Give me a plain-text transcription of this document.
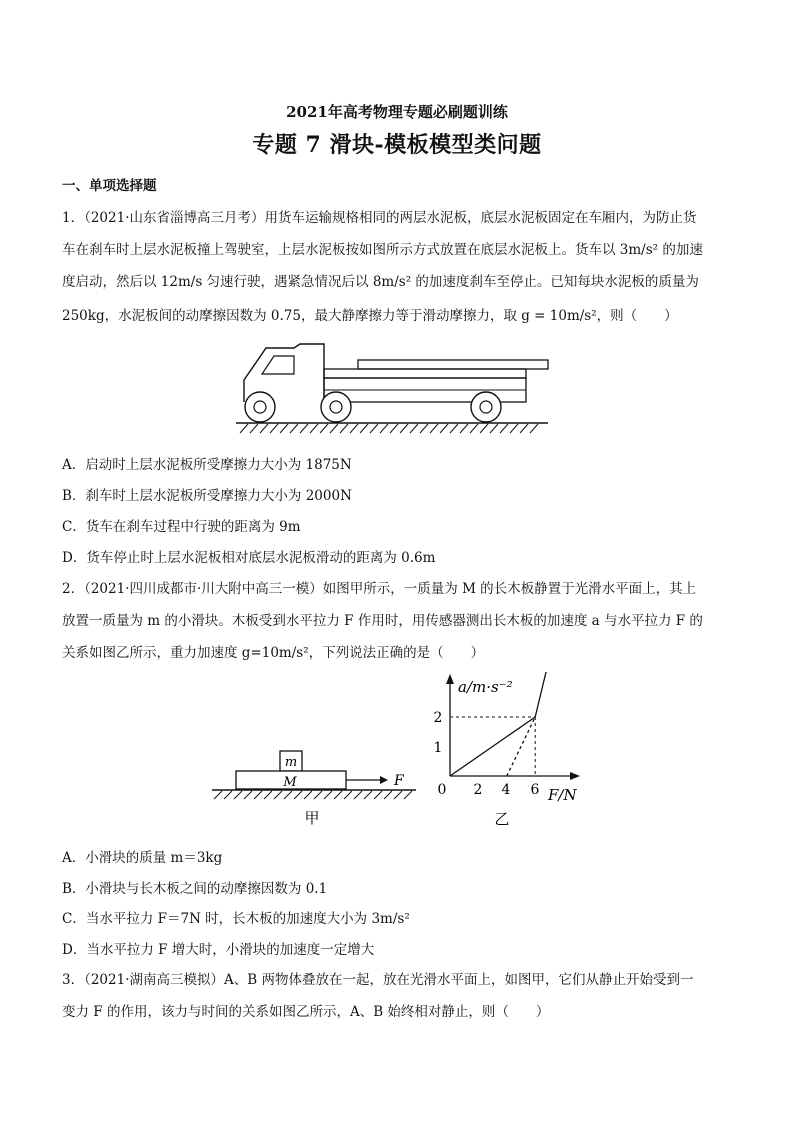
2021年高考物理专题必刷题训练
专题 7 滑块-模板模型类问题
一、单项选择题
1．（2021·山东省淄博高三月考）用货车运输规格相同的两层水泥板，底层水泥板固定在车厢内，为防止货
车在刹车时上层水泥板撞上驾驶室，上层水泥板按如图所示方式放置在底层水泥板上。货车以 3m/s² 的加速
度启动，然后以 12m/s 匀速行驶，遇紧急情况后以 8m/s² 的加速度刹车至停止。已知每块水泥板的质量为
250kg，水泥板间的动摩擦因数为 0.75，最大静摩擦力等于滑动摩擦力，取 g = 10m/s²，则（　　）
A．启动时上层水泥板所受摩擦力大小为 1875N
B．刹车时上层水泥板所受摩擦力大小为 2000N
C．货车在刹车过程中行驶的距离为 9m
D．货车停止时上层水泥板相对底层水泥板滑动的距离为 0.6m
2．（2021·四川成都市·川大附中高三一模）如图甲所示，一质量为 M 的长木板静置于光滑水平面上，其上
放置一质量为 m 的小滑块。木板受到水平拉力 F 作用时，用传感器测出长木板的加速度 a 与水平拉力 F 的
关系如图乙所示，重力加速度 g=10m/s²，下列说法正确的是（　　）
m
M	F
甲
a/m·s⁻²
F/N
0 2 4 6
1
2
乙
A．小滑块的质量 m＝3kg
B．小滑块与长木板之间的动摩擦因数为 0.1
C．当水平拉力 F＝7N 时，长木板的加速度大小为 3m/s²
D．当水平拉力 F 增大时，小滑块的加速度一定增大
3．（2021·湖南高三模拟）A、B 两物体叠放在一起，放在光滑水平面上，如图甲，它们从静止开始受到一
变力 F 的作用，该力与时间的关系如图乙所示，A、B 始终相对静止，则（　　）
